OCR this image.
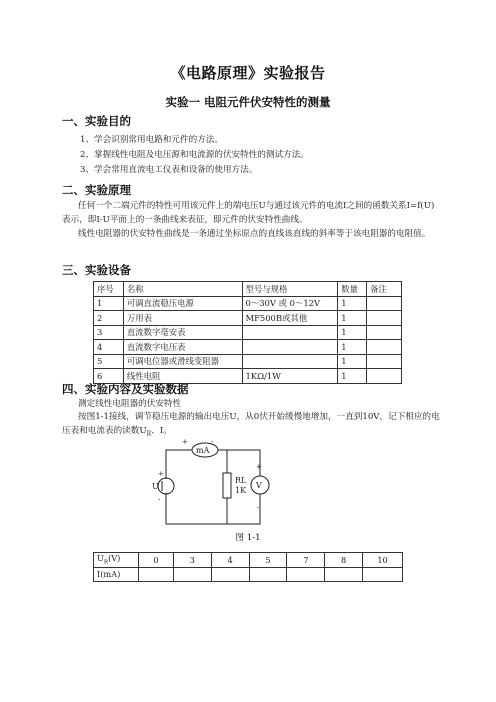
《电路原理》实验报告
实验一 电阻元件伏安特性的测量
一、实验目的
1、学会识别常用电路和元件的方法。
2、掌握线性电阻及电压源和电流源的伏安特性的测试方法。
3、学会常用直流电工仪表和设备的使用方法。
二、实验原理
任何一个二端元件的特性可用该元件上的端电压U与通过该元件的电流I之间的函数关系I=f(U)表示，即I-U平面上的一条曲线来表征，即元件的伏安特性曲线。
线性电阻器的伏安特性曲线是一条通过坐标原点的直线该直线的斜率等于该电阻器的电阻值。
三、实验设备
序号	名称	型号与规格	数量	备注
1	可调直流稳压电源	0～30V 或 0～12V	1	
2	万用表	MF500B或其他	1	
3	直流数字毫安表		1	
4	直流数字电压表		1	
5	可调电位器或滑线变阻器		1	
6	线性电阻	1KΩ/1W	1	
四、实验内容及实验数据
测定线性电阻器的伏安特性
按图1-1接线，调节稳压电源的输出电压U，从0伏开始缓慢地增加，一直到10V，记下相应的电压表和电流表的读数$U_R$、I。
mA
V
U
RL
1K
+	-
+
-
+
-
图 1-1
$U_R(V)$	0	3	4	5	7	8	10
I(mA)							
